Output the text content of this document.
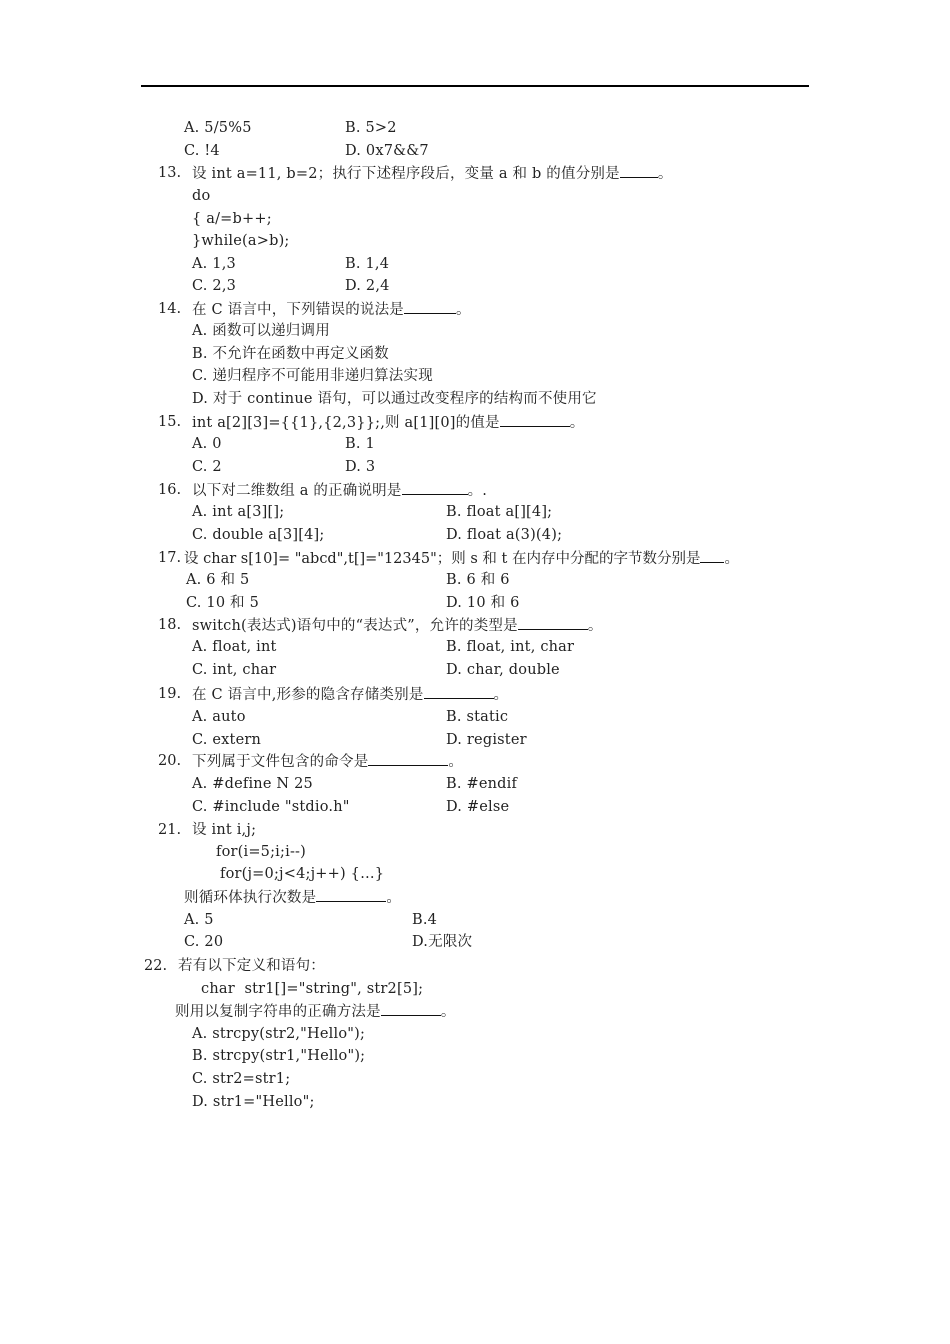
A. 5/5%5	B. 5>2
C. !4	D. 0x7&&7
13. 设 int a=11, b=2；执行下述程序段后，变量 a 和 b 的值分别是	。
do
{ a/=b++;
}while(a>b);
A. 1,3	B. 1,4
C. 2,3	D. 2,4
14. 在 C 语言中，下列错误的说法是	。
A. 函数可以递归调用
B. 不允许在函数中再定义函数
C. 递归程序不可能用非递归算法实现
D. 对于 continue 语句，可以通过改变程序的结构而不使用它
15. int a[2][3]={{1},{2,3}};,则 a[1][0]的值是	。
A. 0	B. 1
C. 2	D. 3
16. 以下对二维数组 a 的正确说明是	。.
A. int a[3][];	B. float a[][4];
C. double a[3][4];	D. float a(3)(4);
17. 设 char s[10]= "abcd",t[]="12345"；则 s 和 t 在内存中分配的字节数分别是 。
A. 6 和 5	B. 6 和 6
C. 10 和 5	D. 10 和 6
18. switch(表达式)语句中的“表达式”，允许的类型是	。
A. float, int	B. float, int, char
C. int, char	D. char, double
19. 在 C 语言中,形参的隐含存储类别是	。
A. auto	B. static
C. extern	D. register
20. 下列属于文件包含的命令是	。
A. #define N 25	B. #endif
C. #include "stdio.h"	D. #else
21. 设 int i,j;
for(i=5;i;i--)
for(j=0;j<4;j++) {…}
则循环体执行次数是	。
A. 5	B.4
C. 20	D.无限次
22. 若有以下定义和语句：
char  str1[]="string", str2[5];
则用以复制字符串的正确方法是	。
A. strcpy(str2,"Hello");
B. strcpy(str1,"Hello");
C. str2=str1;
D. str1="Hello";
